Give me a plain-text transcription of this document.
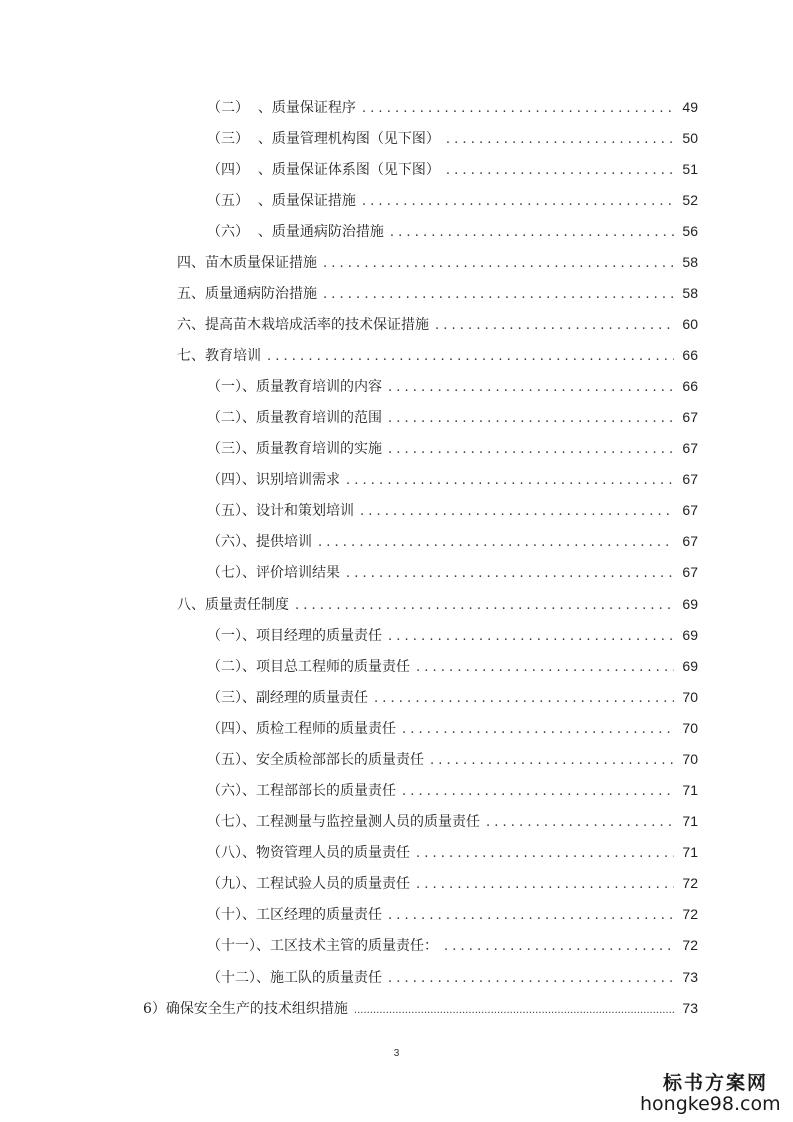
（二）  、质量保证程序 . . .	49
（三）  、质量管理机构图（见下图） . . .	50
（四）  、质量保证体系图（见下图） . . .	51
（五）  、质量保证措施 . . .	52
（六）  、质量通病防治措施 . . .	56
四、苗木质量保证措施 . . .	58
五、质量通病防治措施 . . .	58
六、提高苗木栽培成活率的技术保证措施 . . .	60
七、教育培训 . . .	66
（一）、质量教育培训的内容 . . .	66
（二）、质量教育培训的范围 . . .	67
（三）、质量教育培训的实施 . . .	67
（四）、识别培训需求 . . .	67
（五）、设计和策划培训 . . .	67
（六）、提供培训 . . .	67
（七）、评价培训结果 . . .	67
八、质量责任制度 . . .	69
（一）、项目经理的质量责任 . . .	69
（二）、项目总工程师的质量责任 . . .	69
（三）、副经理的质量责任 . . .	70
（四）、质检工程师的质量责任 . . .	70
（五）、安全质检部部长的质量责任 . . .	70
（六）、工程部部长的质量责任 . . .	71
（七）、工程测量与监控量测人员的质量责任 . . .	71
（八）、物资管理人员的质量责任 . . .	71
（九）、工程试验人员的质量责任 . . .	72
（十）、工区经理的质量责任 . . .	72
（十一）、工区技术主管的质量责任： . . .	72
（十二）、施工队的质量责任 . . .	73
6）确保安全生产的技术组织措施 .....	73
3
标书方案网
hongke98.com
